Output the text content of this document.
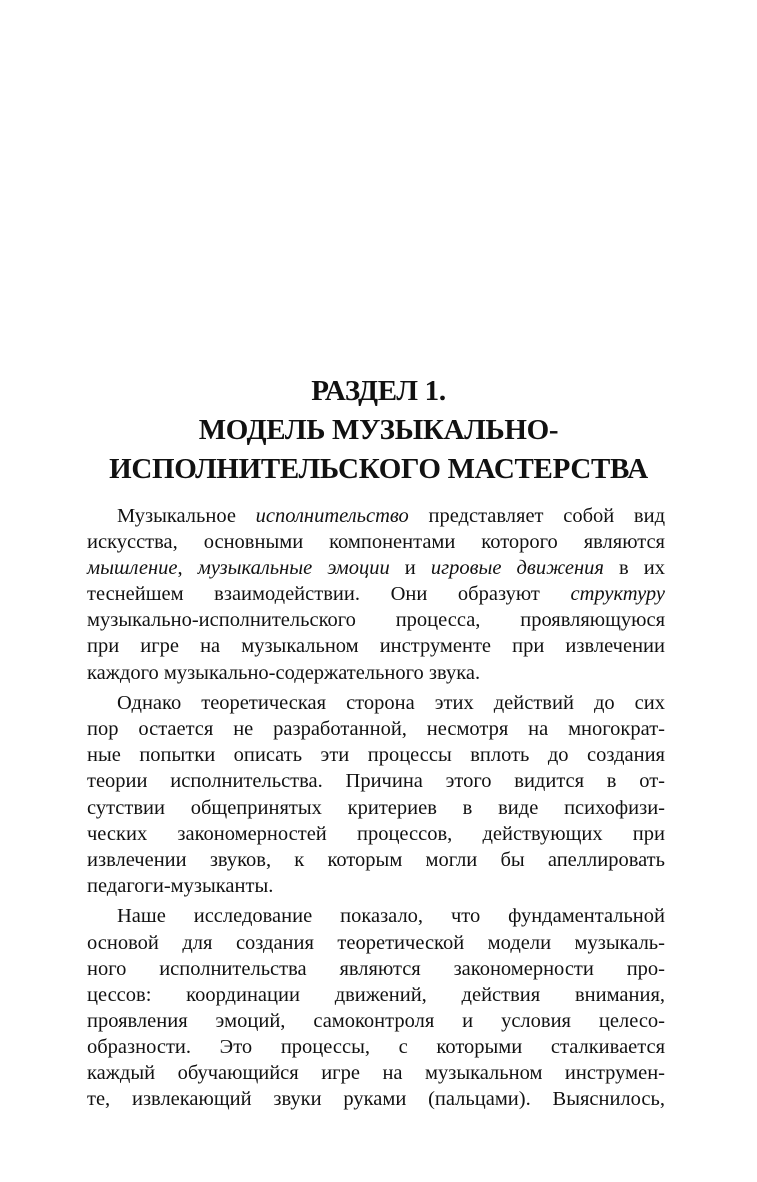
РАЗДЕЛ 1.
МОДЕЛЬ МУЗЫКАЛЬНО-
ИСПОЛНИТЕЛЬСКОГО МАСТЕРСТВА

Музыкальное исполнительство представляет собой вид
искусства, основными компонентами которого являются
мышление, музыкальные эмоции и игровые движения в их
теснейшем взаимодействии. Они образуют структуру
музыкально-исполнительского процесса, проявляющуюся
при игре на музыкальном инструменте при извлечении
каждого музыкально-содержательного звука.

Однако теоретическая сторона этих действий до сих
пор остается не разработанной, несмотря на многократ-
ные попытки описать эти процессы вплоть до создания
теории исполнительства. Причина этого видится в от-
сутствии общепринятых критериев в виде психофизи-
ческих закономерностей процессов, действующих при
извлечении звуков, к которым могли бы апеллировать
педагоги-музыканты.

Наше исследование показало, что фундаментальной
основой для создания теоретической модели музыкаль-
ного исполнительства являются закономерности про-
цессов: координации движений, действия внимания,
проявления эмоций, самоконтроля и условия целесо-
образности. Это процессы, с которыми сталкивается
каждый обучающийся игре на музыкальном инструмен-
те, извлекающий звуки руками (пальцами). Выяснилось,
